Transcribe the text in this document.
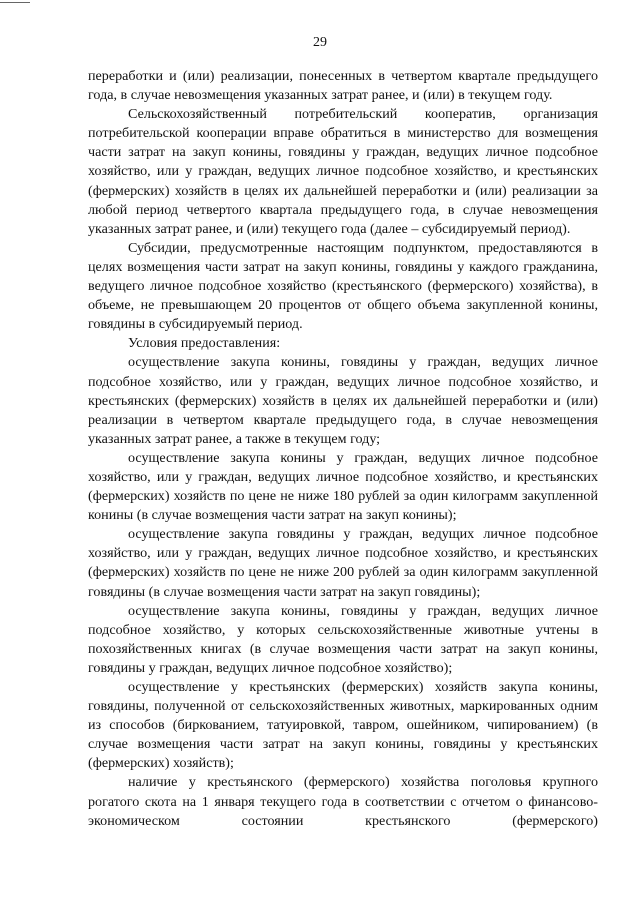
29

переработки и (или) реализации, понесенных в четвертом квартале предыдущего года, в случае невозмещения указанных затрат ранее, и (или) в текущем году.

Сельскохозяйственный потребительский кооператив, организация потребительской кооперации вправе обратиться в министерство для возмещения части затрат на закуп конины, говядины у граждан, ведущих личное подсобное хозяйство, или у граждан, ведущих личное подсобное хозяйство, и крестьянских (фермерских) хозяйств в целях их дальнейшей переработки и (или) реализации за любой период четвертого квартала предыдущего года, в случае невозмещения указанных затрат ранее, и (или) текущего года (далее – субсидируемый период).

Субсидии, предусмотренные настоящим подпунктом, предоставляются в целях возмещения части затрат на закуп конины, говядины у каждого гражданина, ведущего личное подсобное хозяйство (крестьянского (фермерского) хозяйства), в объеме, не превышающем 20 процентов от общего объема закупленной конины, говядины в субсидируемый период.

Условия предоставления:

осуществление закупа конины, говядины у граждан, ведущих личное подсобное хозяйство, или у граждан, ведущих личное подсобное хозяйство, и крестьянских (фермерских) хозяйств в целях их дальнейшей переработки и (или) реализации в четвертом квартале предыдущего года, в случае невозмещения указанных затрат ранее, а также в текущем году;

осуществление закупа конины у граждан, ведущих личное подсобное хозяйство, или у граждан, ведущих личное подсобное хозяйство, и крестьянских (фермерских) хозяйств по цене не ниже 180 рублей за один килограмм закупленной конины (в случае возмещения части затрат на закуп конины);

осуществление закупа говядины у граждан, ведущих личное подсобное хозяйство, или у граждан, ведущих личное подсобное хозяйство, и крестьянских (фермерских) хозяйств по цене не ниже 200 рублей за один килограмм закупленной говядины (в случае возмещения части затрат на закуп говядины);

осуществление закупа конины, говядины у граждан, ведущих личное подсобное хозяйство, у которых сельскохозяйственные животные учтены в похозяйственных книгах (в случае возмещения части затрат на закуп конины, говядины у граждан, ведущих личное подсобное хозяйство);

осуществление у крестьянских (фермерских) хозяйств закупа конины, говядины, полученной от сельскохозяйственных животных, маркированных одним из способов (биркованием, татуировкой, тавром, ошейником, чипированием) (в случае возмещения части затрат на закуп конины, говядины у крестьянских (фермерских) хозяйств);

наличие у крестьянского (фермерского) хозяйства поголовья крупного рогатого скота на 1 января текущего года в соответствии с отчетом о финансово-экономическом состоянии крестьянского (фермерского)
